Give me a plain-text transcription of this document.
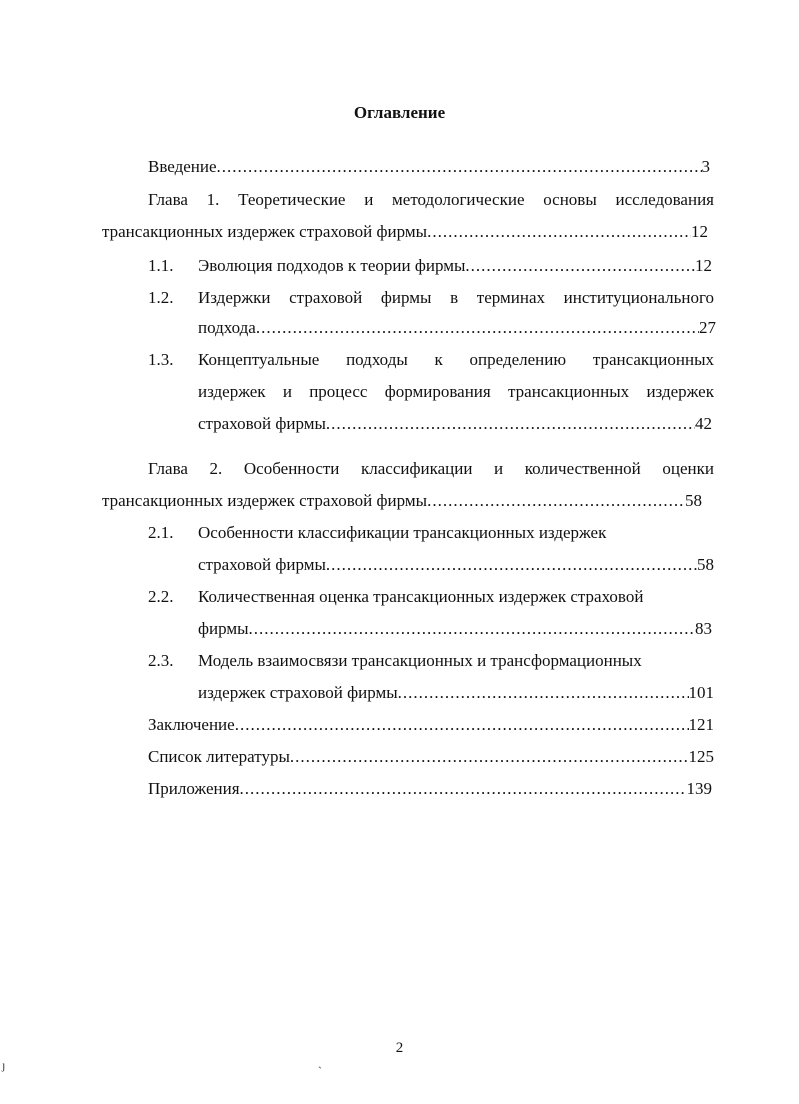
Оглавление
Введение .....	3
Глава 1. Теоретические и методологические основы исследования
трансакционных издержек страховой фирмы .....	12
1.1. Эволюция подходов к теории фирмы .....	12
1.2. Издержки страховой фирмы в терминах институционального
подхода .....	27
1.3. Концептуальные подходы к определению трансакционных
издержек и процесс формирования трансакционных издержек
страховой фирмы .....	42
Глава 2. Особенности классификации и количественной оценки
трансакционных издержек страховой фирмы .....	58
2.1. Особенности классификации трансакционных издержек
страховой фирмы .....	58
2.2. Количественная оценка трансакционных издержек страховой
фирмы .....	83
2.3. Модель взаимосвязи трансакционных и трансформационных
издержек страховой фирмы .....	101
Заключение .....	121
Список литературы .....	125
Приложения .....	139
2
ˏ
ȷ
